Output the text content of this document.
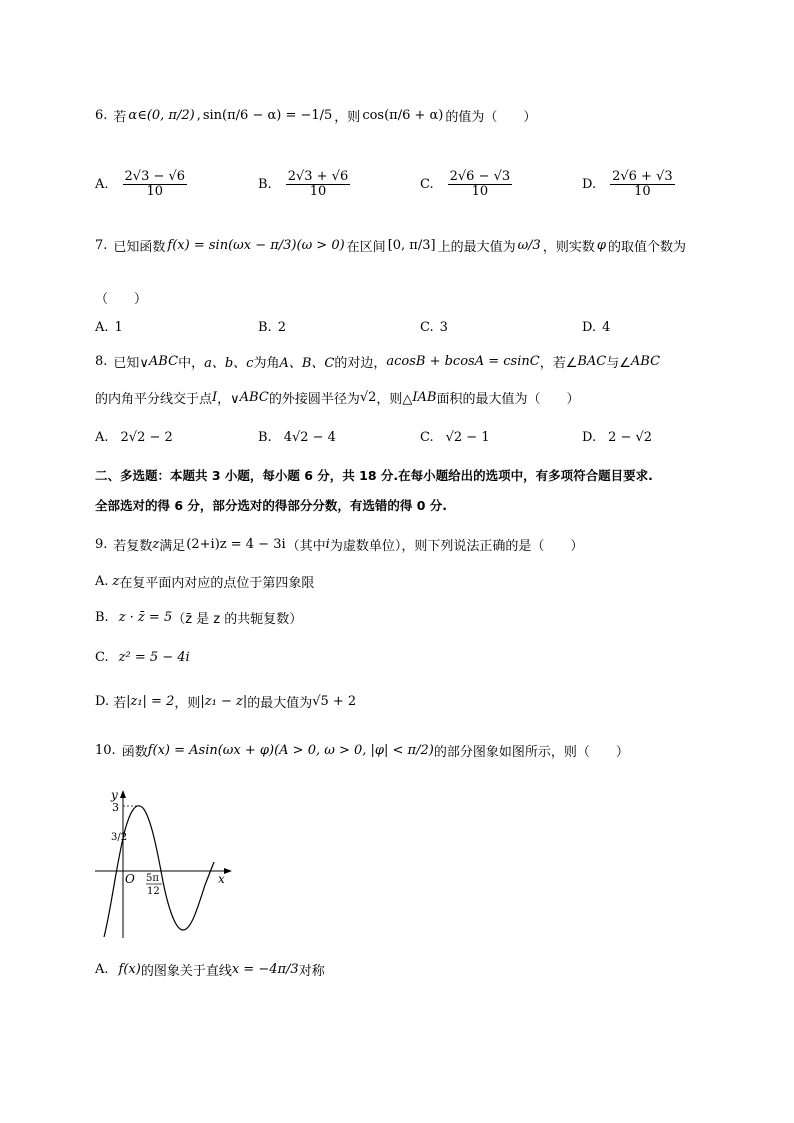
6. 若 α∈(0, π/2) , sin(π/6 − α) = −1/5 ，则 cos(π/6 + α) 的值为（　　）
A. $\frac{2√3 - √6}{10}$	B. $\frac{2√3 + √6}{10}$	C. $\frac{2√6 - √3}{10}$	D. $\frac{2√6 + √3}{10}$
7. 已知函数 f(x) = sin(ωx − π/3)(ω > 0) 在区间 [0, π/3] 上的最大值为 ω/3 ，则实数 φ 的取值个数为
（　　）
A. 1	B. 2	C. 3	D. 4
8. 已知∨ ABC 中， a、b、c 为角 A、B、C 的对边， acosB + bcosA = csinC ，若∠ BAC 与∠ ABC
的内角平分线交于点 I ，∨ ABC 的外接圆半径为 √2 ，则△ IAB 面积的最大值为（　　）
A. 2√2 − 2	B. 4√2 − 4	C. √2 − 1	D. 2 − √2
二、多选题：本题共 3 小题，每小题 6 分，共 18 分.在每小题给出的选项中，有多项符合题目要求.
全部选对的得 6 分，部分选对的得部分分数，有选错的得 0 分.
9. 若复数 z 满足 (2+i)z = 4 − 3i （其中 i 为虚数单位），则下列说法正确的是（　　）
A. z 在复平面内对应的点位于第四象限
B. z · z̄ = 5 （z̄ 是 z 的共轭复数）
C. z² = 5 − 4i
D. 若 |z₁| = 2 ，则 |z₁ − z| 的最大值为 √5 + 2
10. 函数 f(x) = Asin(ωx + φ) (A > 0, ω > 0, |φ| < π/2) 的部分图象如图所示，则（　　）
y
x
O
3
3/2
5π
12
A. f(x) 的图象关于直线 x = −4π/3 对称
